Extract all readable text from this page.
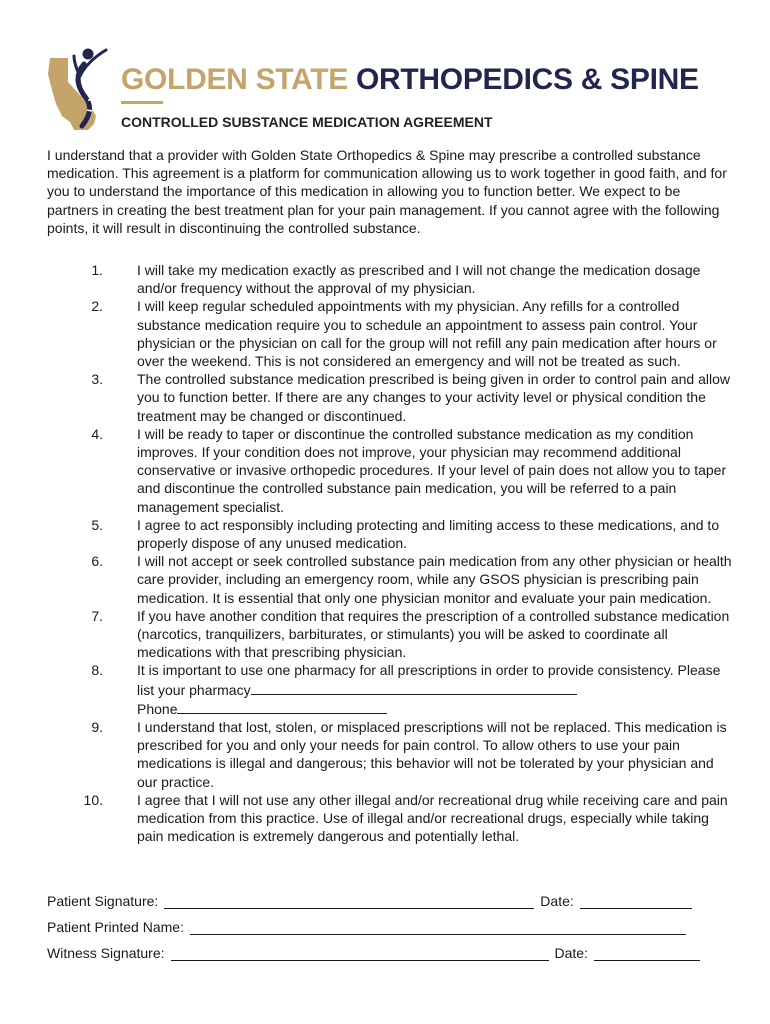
GOLDEN STATE ORTHOPEDICS & SPINE
CONTROLLED SUBSTANCE MEDICATION AGREEMENT

I understand that a provider with Golden State Orthopedics & Spine may prescribe a controlled substance medication. This agreement is a platform for communication allowing us to work together in good faith, and for you to understand the importance of this medication in allowing you to function better. We expect to be partners in creating the best treatment plan for your pain management. If you cannot agree with the following points, it will result in discontinuing the controlled substance.

1. I will take my medication exactly as prescribed and I will not change the medication dosage and/or frequency without the approval of my physician.
2. I will keep regular scheduled appointments with my physician. Any refills for a controlled substance medication require you to schedule an appointment to assess pain control. Your physician or the physician on call for the group will not refill any pain medication after hours or over the weekend. This is not considered an emergency and will not be treated as such.
3. The controlled substance medication prescribed is being given in order to control pain and allow you to function better. If there are any changes to your activity level or physical condition the treatment may be changed or discontinued.
4. I will be ready to taper or discontinue the controlled substance medication as my condition improves. If your condition does not improve, your physician may recommend additional conservative or invasive orthopedic procedures. If your level of pain does not allow you to taper and discontinue the controlled substance pain medication, you will be referred to a pain management specialist.
5. I agree to act responsibly including protecting and limiting access to these medications, and to properly dispose of any unused medication.
6. I will not accept or seek controlled substance pain medication from any other physician or health care provider, including an emergency room, while any GSOS physician is prescribing pain medication. It is essential that only one physician monitor and evaluate your pain medication.
7. If you have another condition that requires the prescription of a controlled substance medication (narcotics, tranquilizers, barbiturates, or stimulants) you will be asked to coordinate all medications with that prescribing physician.
8. It is important to use one pharmacy for all prescriptions in order to provide consistency. Please list your pharmacy
Phone
9. I understand that lost, stolen, or misplaced prescriptions will not be replaced. This medication is prescribed for you and only your needs for pain control. To allow others to use your pain medications is illegal and dangerous; this behavior will not be tolerated by your physician and our practice.
10. I agree that I will not use any other illegal and/or recreational drug while receiving care and pain medication from this practice. Use of illegal and/or recreational drugs, especially while taking pain medication is extremely dangerous and potentially lethal.
Patient Signature:	Date:
Patient Printed Name:
Witness Signature:	Date:
